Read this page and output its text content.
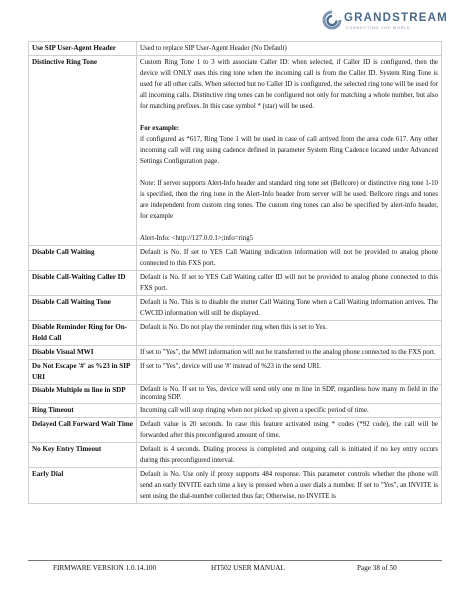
GRANDSTREAM
CONNECTING THE WORLD
Use SIP User-Agent Header	Used to replace SIP User-Agent Header (No Default)

Distinctive Ring Tone	Custom Ring Tone 1 to 3 with associate Caller ID: when selected, if Caller ID is configured, then the device will ONLY uses this ring tone when the incoming call is from the Caller ID. System Ring Tone is used for all other calls. When selected but no Caller ID is configured, the selected ring tone will be used for all incoming calls. Distinctive ring tones can be configured not only for matching a whole number, but also for matching prefixes. In this case symbol * (star) will be used.

For example:

if configured as *617, Ring Tone 1 will be used in case of call arrived from the area code 617. Any other incoming call will ring using cadence defined in parameter System Ring Cadence located under Advanced Settings Configuration page.

Note: If server supports Alert-Info header and standard ring tone set (Bellcore) or distinctive ring tone 1-10 is specified, then the ring tone in the Alert-Info header from server will be used. Bellcore rings and tones are independent from custom ring tones. The custom ring tones can also be specified by alert-info header, for example

Alert-Info: <http://127.0.0.1>;info=ring5

Disable Call Waiting	Default is No. If set to YES Call Waiting indication information will not be provided to analog phone connected to this FXS port.

Disable Call-Waiting Caller ID	Default is No. If set to YES Call Waiting caller ID will not be provided to analog phone connected to this FXS port.

Disable Call Waiting Tone	Default is No. This is to disable the stutter Call Waiting Tone when a Call Waiting information arrives. The CWCID information will still be displayed.

Disable Reminder Ring for On-Hold Call	Default is No. Do not play the reminder ring when this is set to Yes.

Disable Visual MWI	If set to "Yes", the MWI information will not be transferred to the analog phone connected to the FXS port.

Do Not Escape '#' as %23 in SIP URI	If set to "Yes", device will use '#' instead of %23 in the send URI.

Disable Multiple m line in SDP	Default is No. If set to Yes, device will send only one m line in SDP, regardless how many m field in the incoming SDP.

Ring Timeout	Incoming call will stop ringing when not picked up given a specific period of time.

Delayed Call Forward Wait Time	Default value is 20 seconds. In case this feature activated using * codes (*92 code), the call will be forwarded after this preconfigured amount of time.

No Key Entry Timeout	Default is 4 seconds. Dialing process is completed and outgoing call is initiated if no key entry occurs during this preconfigured interval.

Early Dial	Default is No. Use only if proxy supports 484 response. This parameter controls whether the phone will send an early INVITE each time a key is pressed when a user dials a number. If set to "Yes", an INVITE is sent using the dial-number collected thus far; Otherwise, no INVITE is

FIRMWARE VERSION 1.0.14.100	HT502 USER MANUAL	Page 38 of 50
